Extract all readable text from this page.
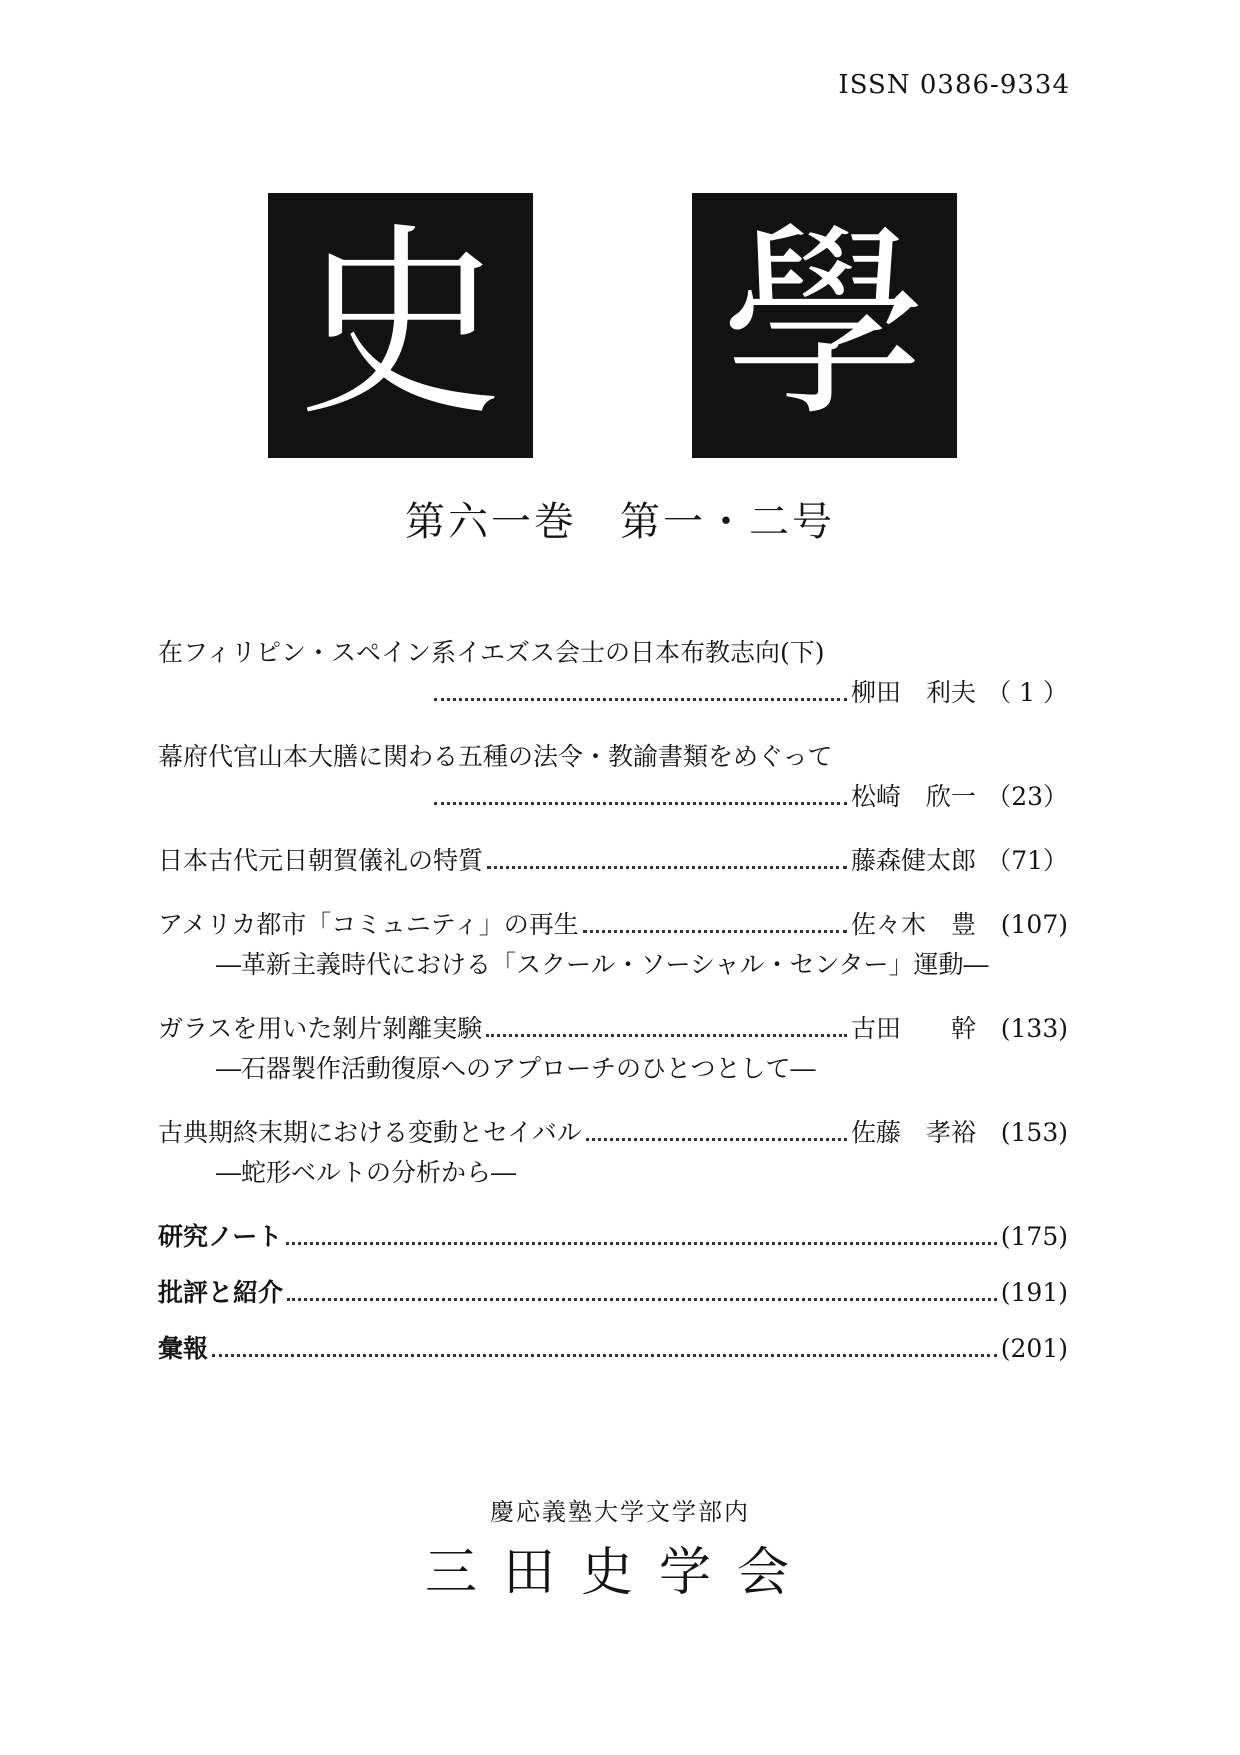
ISSN 0386-9334
史 學
第六一巻　第一・二号
在フィリピン・スペイン系イエズス会士の日本布教志向(下)
柳田　利夫 （ 1 ）
幕府代官山本大膳に関わる五種の法令・教諭書類をめぐって
松崎　欣一 （23）
日本古代元日朝賀儀礼の特質	藤森健太郎 （71）
アメリカ都市「コミュニティ」の再生	佐々木　豊 (107)
―革新主義時代における「スクール・ソーシャル・センター」運動―
ガラスを用いた剝片剝離実験	古田　　幹 (133)
―石器製作活動復原へのアプローチのひとつとして―
古典期終末期における変動とセイバル	佐藤　孝裕 (153)
―蛇形ベルトの分析から―
研究ノート	(175)
批評と紹介	(191)
彙報	(201)
慶応義塾大学文学部内
三田史学会
